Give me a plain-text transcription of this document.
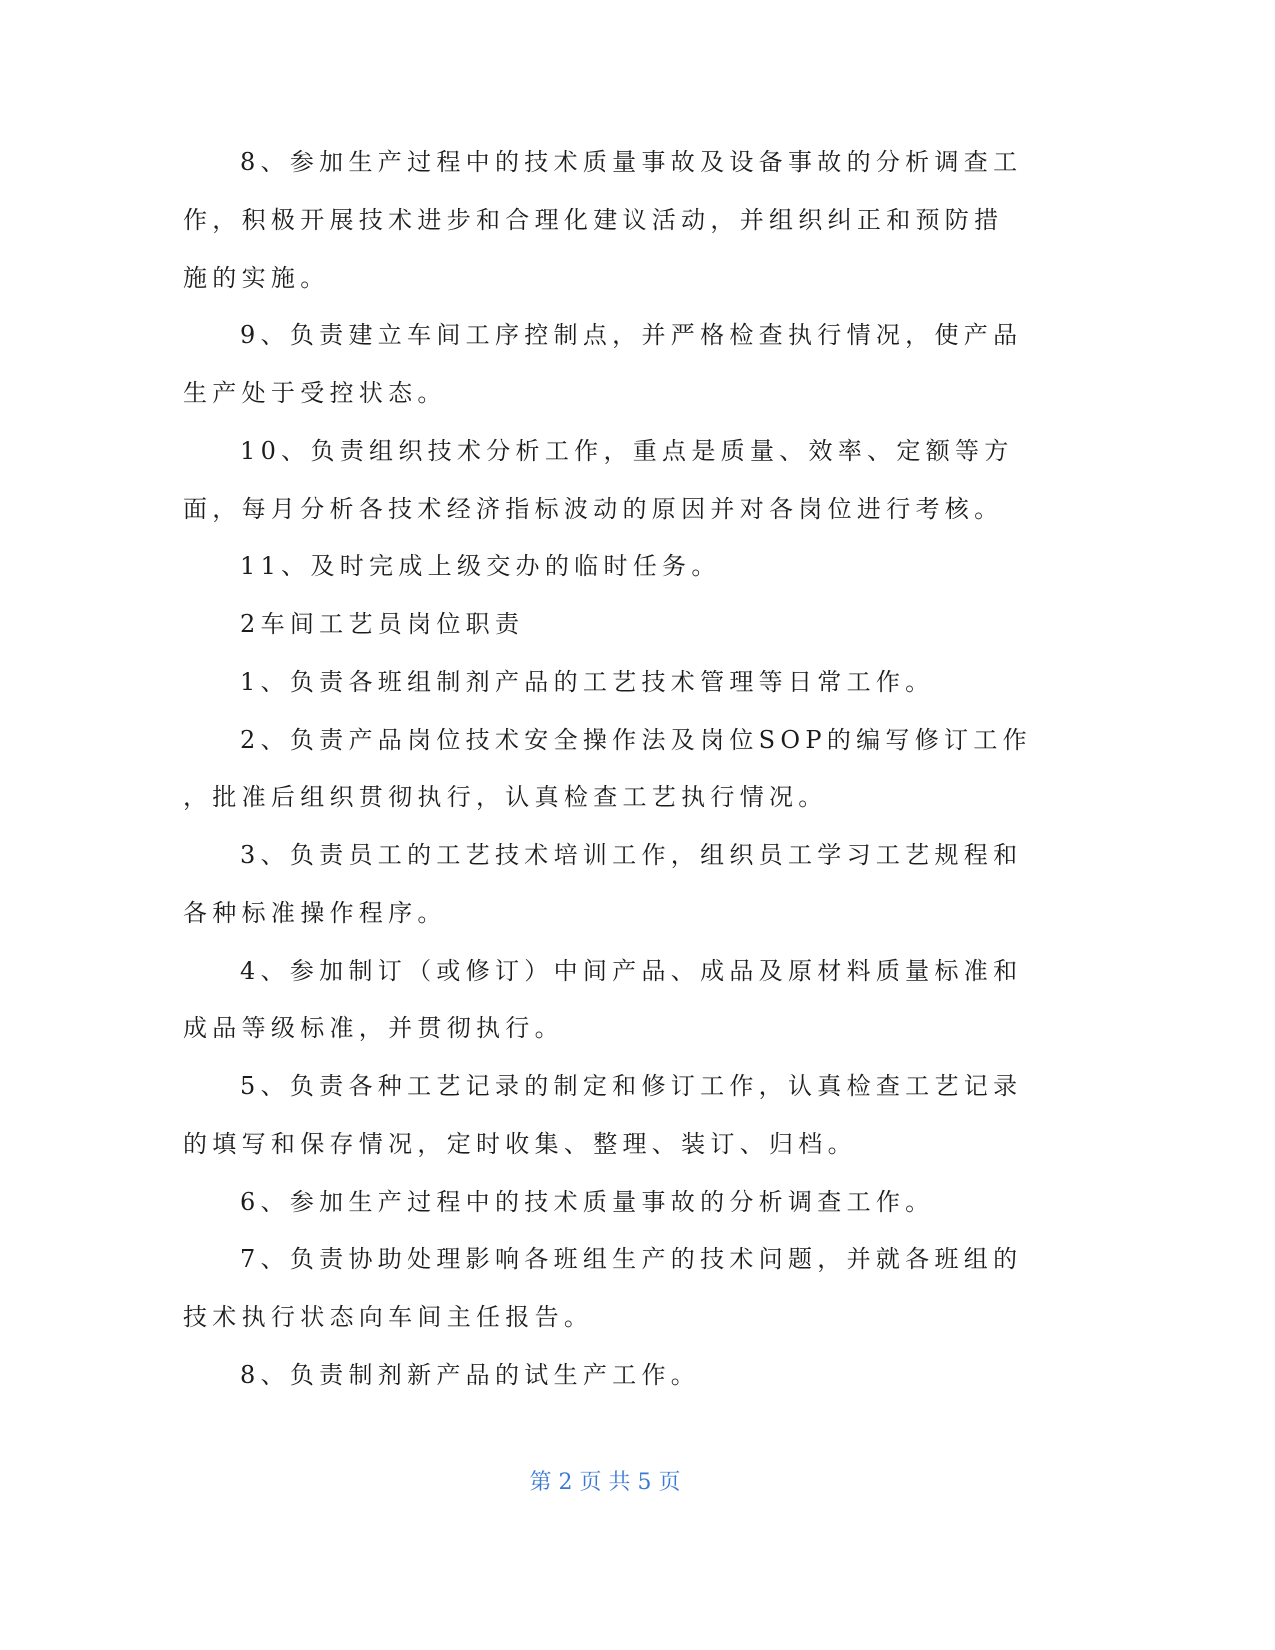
8、参加生产过程中的技术质量事故及设备事故的分析调查工
作，积极开展技术进步和合理化建议活动，并组织纠正和预防措
施的实施。
9、负责建立车间工序控制点，并严格检查执行情况，使产品
生产处于受控状态。
10、负责组织技术分析工作，重点是质量、效率、定额等方
面，每月分析各技术经济指标波动的原因并对各岗位进行考核。
11、及时完成上级交办的临时任务。
2车间工艺员岗位职责
1、负责各班组制剂产品的工艺技术管理等日常工作。
2、负责产品岗位技术安全操作法及岗位SOP的编写修订工作
，批准后组织贯彻执行，认真检查工艺执行情况。
3、负责员工的工艺技术培训工作，组织员工学习工艺规程和
各种标准操作程序。
4、参加制订（或修订）中间产品、成品及原材料质量标准和
成品等级标准，并贯彻执行。
5、负责各种工艺记录的制定和修订工作，认真检查工艺记录
的填写和保存情况，定时收集、整理、装订、归档。
6、参加生产过程中的技术质量事故的分析调查工作。
7、负责协助处理影响各班组生产的技术问题，并就各班组的
技术执行状态向车间主任报告。
8、负责制剂新产品的试生产工作。
第 2 页 共 5 页
